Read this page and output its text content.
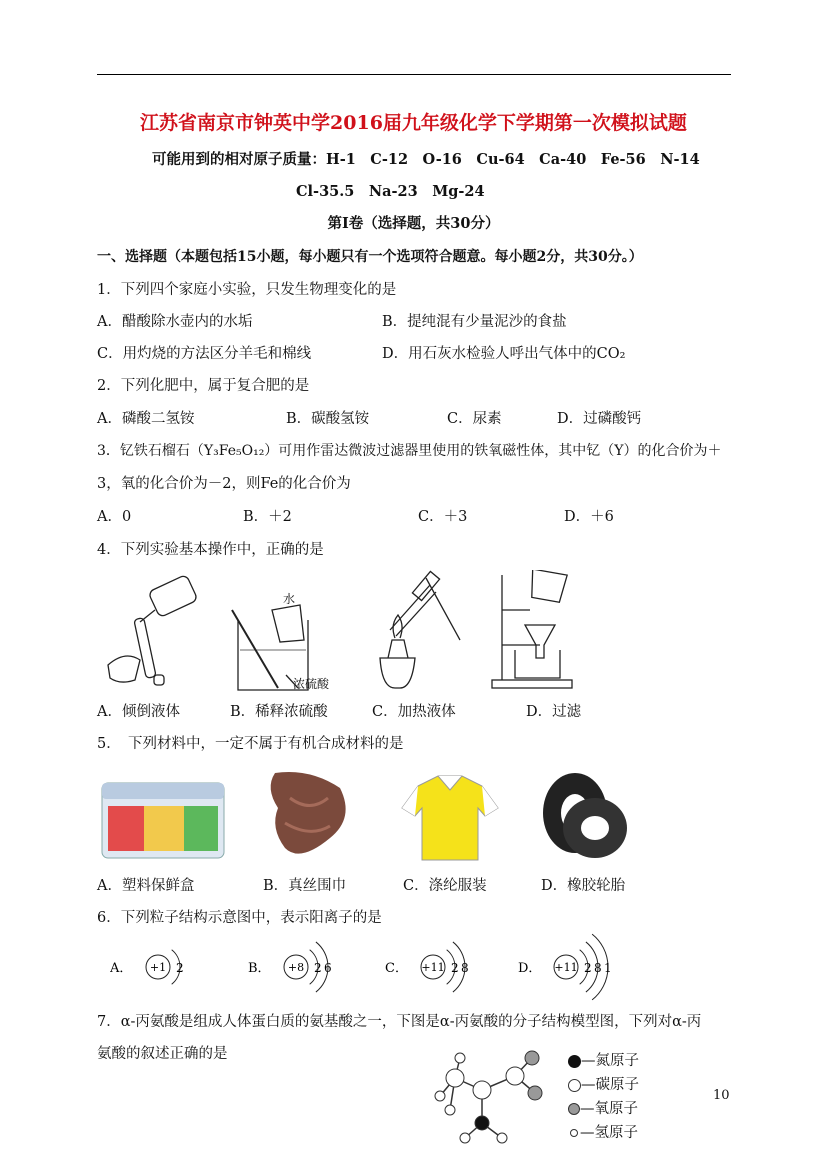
江苏省南京市钟英中学2016届九年级化学下学期第一次模拟试题
可能用到的相对原子质量：H-1　C-12　O-16　Cu-64　Ca-40　Fe-56　N-14
Cl-35.5　Na-23　Mg-24
第Ⅰ卷（选择题，共30分）
一、选择题（本题包括15小题，每小题只有一个选项符合题意。每小题2分，共30分。）
1．下列四个家庭小实验，只发生物理变化的是
A．醋酸除水壶内的水垢	B．提纯混有少量泥沙的食盐
C．用灼烧的方法区分羊毛和棉线	D．用石灰水检验人呼出气体中的CO₂
2．下列化肥中，属于复合肥的是
A．磷酸二氢铵	B．碳酸氢铵	C．尿素	D．过磷酸钙
3．钇铁石榴石（Y₃Fe₅O₁₂）可用作雷达微波过滤器里使用的铁氧磁性体，其中钇（Y）的化合价为＋
3，氧的化合价为－2，则Fe的化合价为
A．0	B．＋2	C．＋3	D．＋6
4．下列实验基本操作中，正确的是
水
浓硫酸
A．倾倒液体	B．稀释浓硫酸	C．加热液体	D．过滤
5．　下列材料中，一定不属于有机合成材料的是
A．塑料保鲜盒	B．真丝围巾	C．涤纶服装	D．橡胶轮胎
6．下列粒子结构示意图中，表示阳离子的是
A． +1 2	B． +8 2 6	C． +11 2 8	D． +11 2 8 1
7．α-丙氨酸是组成人体蛋白质的氨基酸之一，下图是α-丙氨酸的分子结构模型图，下列对α-丙
氨酸的叙述正确的是	—氮原子
—碳原子
—氧原子
—氢原子
10
